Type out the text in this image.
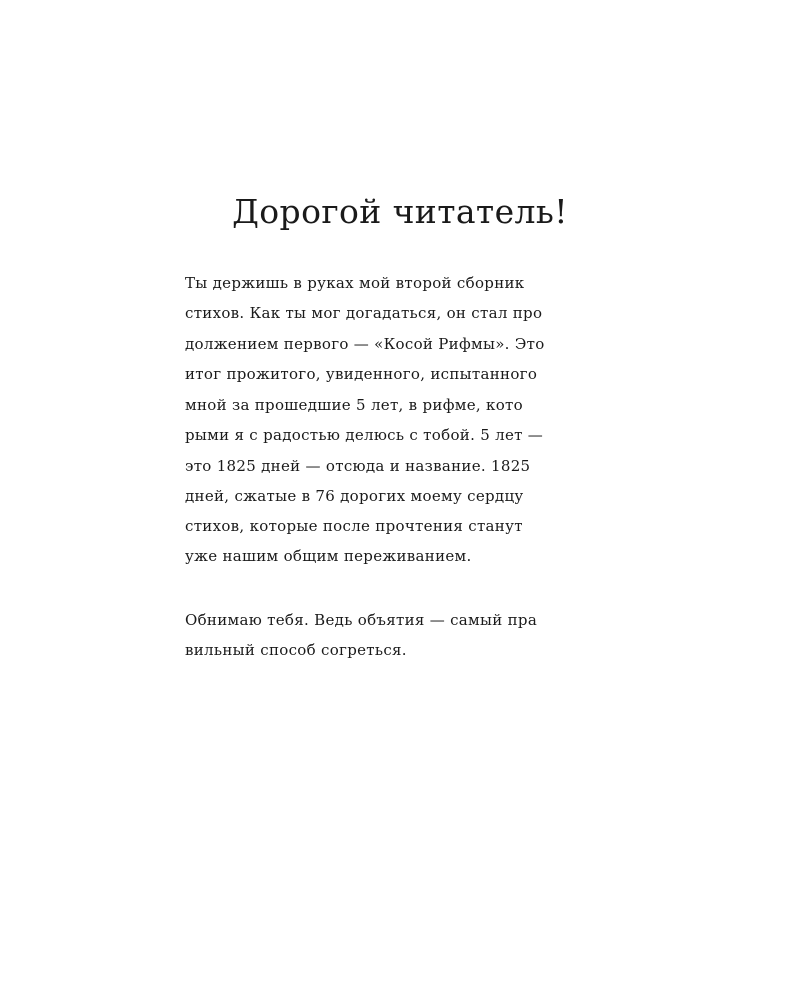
Дорогой читатель!

Ты держишь в руках мой второй сборник

стихов. Как ты мог догадаться, он стал про

должением первого — «Косой Рифмы». Это

итог прожитого, увиденного, испытанного

мной за прошедшие 5 лет, в рифме, кото

рыми я с радостью делюсь с тобой. 5 лет —

это 1825 дней — отсюда и название. 1825

дней, сжатые в 76 дорогих моему сердцу

стихов, которые после прочтения станут

уже нашим общим переживанием.

Обнимаю тебя. Ведь объятия — самый пра

вильный способ согреться.
